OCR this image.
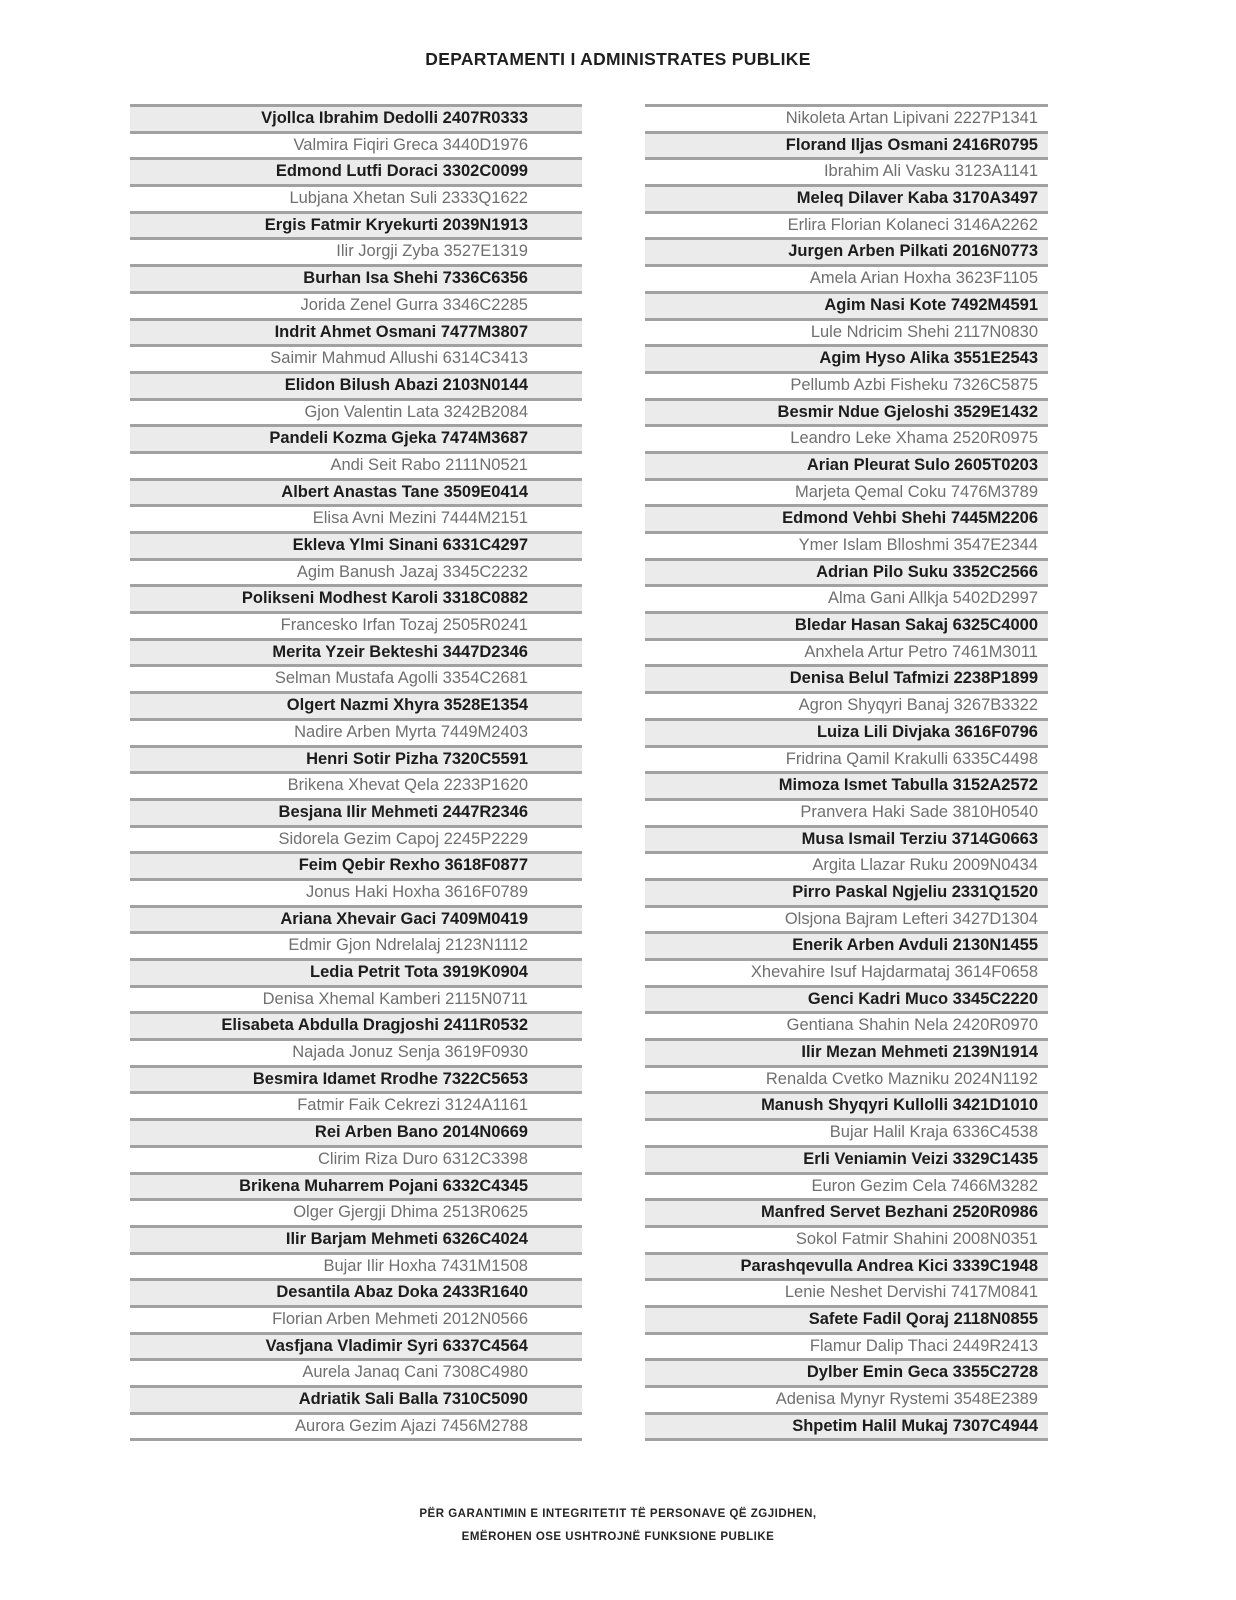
DEPARTAMENTI I ADMINISTRATES PUBLIKE
Vjollca Ibrahim Dedolli 2407R0333
Valmira Fiqiri Greca 3440D1976
Edmond Lutfi Doraci 3302C0099
Lubjana Xhetan Suli 2333Q1622
Ergis Fatmir Kryekurti 2039N1913
Ilir Jorgji Zyba 3527E1319
Burhan Isa Shehi 7336C6356
Jorida Zenel Gurra 3346C2285
Indrit Ahmet Osmani 7477M3807
Saimir Mahmud Allushi 6314C3413
Elidon Bilush Abazi 2103N0144
Gjon Valentin Lata 3242B2084
Pandeli Kozma Gjeka 7474M3687
Andi Seit Rabo 2111N0521
Albert Anastas Tane 3509E0414
Elisa Avni Mezini 7444M2151
Ekleva Ylmi Sinani 6331C4297
Agim Banush Jazaj 3345C2232
Polikseni Modhest Karoli 3318C0882
Francesko Irfan Tozaj 2505R0241
Merita Yzeir Bekteshi 3447D2346
Selman Mustafa Agolli 3354C2681
Olgert Nazmi Xhyra 3528E1354
Nadire Arben Myrta 7449M2403
Henri Sotir Pizha 7320C5591
Brikena Xhevat Qela 2233P1620
Besjana Ilir Mehmeti 2447R2346
Sidorela Gezim Capoj 2245P2229
Feim Qebir Rexho 3618F0877
Jonus Haki Hoxha 3616F0789
Ariana Xhevair Gaci 7409M0419
Edmir Gjon Ndrelalaj 2123N1112
Ledia Petrit Tota 3919K0904
Denisa Xhemal Kamberi 2115N0711
Elisabeta Abdulla Dragjoshi 2411R0532
Najada Jonuz Senja 3619F0930
Besmira Idamet Rrodhe 7322C5653
Fatmir Faik Cekrezi 3124A1161
Rei Arben Bano 2014N0669
Clirim Riza Duro 6312C3398
Brikena Muharrem Pojani 6332C4345
Olger Gjergji Dhima 2513R0625
Ilir Barjam Mehmeti 6326C4024
Bujar Ilir Hoxha 7431M1508
Desantila Abaz Doka 2433R1640
Florian Arben Mehmeti 2012N0566
Vasfjana Vladimir Syri 6337C4564
Aurela Janaq Cani 7308C4980
Adriatik Sali Balla 7310C5090
Aurora Gezim Ajazi 7456M2788
Nikoleta Artan Lipivani 2227P1341
Florand Iljas Osmani 2416R0795
Ibrahim Ali Vasku 3123A1141
Meleq Dilaver Kaba 3170A3497
Erlira Florian Kolaneci 3146A2262
Jurgen Arben Pilkati 2016N0773
Amela Arian Hoxha 3623F1105
Agim Nasi Kote 7492M4591
Lule Ndricim Shehi 2117N0830
Agim Hyso Alika 3551E2543
Pellumb Azbi Fisheku 7326C5875
Besmir Ndue Gjeloshi 3529E1432
Leandro Leke Xhama 2520R0975
Arian Pleurat Sulo 2605T0203
Marjeta Qemal Coku 7476M3789
Edmond Vehbi Shehi 7445M2206
Ymer Islam Blloshmi 3547E2344
Adrian Pilo Suku 3352C2566
Alma Gani Allkja 5402D2997
Bledar Hasan Sakaj 6325C4000
Anxhela Artur Petro 7461M3011
Denisa Belul Tafmizi 2238P1899
Agron Shyqyri Banaj 3267B3322
Luiza Lili Divjaka 3616F0796
Fridrina Qamil Krakulli 6335C4498
Mimoza Ismet Tabulla 3152A2572
Pranvera Haki Sade 3810H0540
Musa Ismail Terziu 3714G0663
Argita Llazar Ruku 2009N0434
Pirro Paskal Ngjeliu 2331Q1520
Olsjona Bajram Lefteri 3427D1304
Enerik Arben Avduli 2130N1455
Xhevahire Isuf Hajdarmataj 3614F0658
Genci Kadri Muco 3345C2220
Gentiana Shahin Nela 2420R0970
Ilir Mezan Mehmeti 2139N1914
Renalda Cvetko Mazniku 2024N1192
Manush Shyqyri Kullolli 3421D1010
Bujar Halil Kraja 6336C4538
Erli Veniamin Veizi 3329C1435
Euron Gezim Cela 7466M3282
Manfred Servet Bezhani 2520R0986
Sokol Fatmir Shahini 2008N0351
Parashqevulla Andrea Kici 3339C1948
Lenie Neshet Dervishi 7417M0841
Safete Fadil Qoraj 2118N0855
Flamur Dalip Thaci 2449R2413
Dylber Emin Geca 3355C2728
Adenisa Mynyr Rystemi 3548E2389
Shpetim Halil Mukaj 7307C4944
PËR GARANTIMIN E INTEGRITETIT TË PERSONAVE QË ZGJIDHEN,
EMËROHEN OSE USHTROJNË FUNKSIONE PUBLIKE
